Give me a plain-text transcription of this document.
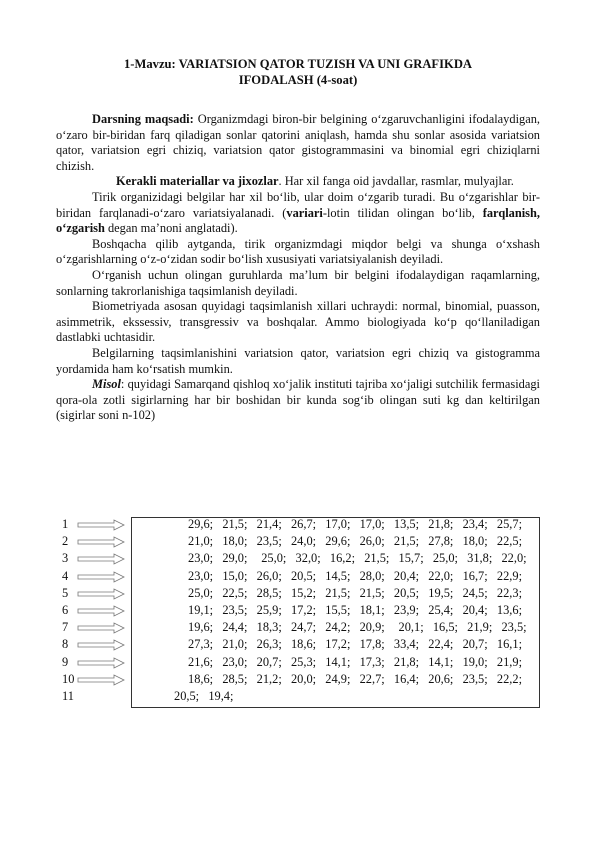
1-Mavzu: VARIATSION QATOR TUZISH VA UNI GRAFIKDA
IFODALASH (4-soat)

Darsning maqsadi: Organizmdagi biron-bir belgining o‘zgaruvchanligini ifodalaydigan, o‘zaro bir-biridan farq qiladigan sonlar qatorini aniqlash, hamda shu sonlar asosida variatsion qator, variatsion egri chiziq, variatsion qator gistogrammasini va binomial egri chiziqlarni chizish.

Kerakli materiallar va jixozlar. Har xil fanga oid javdallar, rasmlar, mulyajlar.

Tirik organizidagi belgilar har xil bo‘lib, ular doim o‘zgarib turadi. Bu o‘zgarishlar bir-biridan farqlanadi-o‘zaro variatsiyalanadi. (variari-lotin tilidan olingan bo‘lib, farqlanish, o‘zgarish degan ma’noni anglatadi).

Boshqacha qilib aytganda, tirik organizmdagi miqdor belgi va shunga o‘xshash o‘zgarishlarning o‘z-o‘zidan sodir bo‘lish xususiyati variatsiyalanish deyiladi.

O‘rganish uchun olingan guruhlarda ma’lum bir belgini ifodalaydigan raqamlarning, sonlarning takrorlanishiga taqsimlanish deyiladi.

Biometriyada asosan quyidagi taqsimlanish xillari uchraydi: normal, binomial, puasson, asimmetrik, ekssessiv, transgressiv va boshqalar. Ammo biologiyada ko‘p qo‘llaniladigan dastlabki uchtasidir.

Belgilarning taqsimlanishini variatsion qator, variatsion egri chiziq va gistogramma yordamida ham ko‘rsatish mumkin.

Misol: quyidagi Samarqand qishloq xo‘jalik instituti tajriba xo‘jaligi sutchilik fermasidagi qora-ola zotli sigirlarning har bir boshidan bir kunda sog‘ib olingan suti kg dan keltirilgan (sigirlar soni n-102)

1	29,6;  21,5;  21,4;  26,7;  17,0;  17,0;  13,5;  21,8;  23,4;  25,7;
2	21,0;  18,0;  23,5;  24,0;  29,6;  26,0;  21,5;  27,8;  18,0;  22,5;
3	23,0;  29,0;   25,0;  32,0;  16,2;  21,5;  15,7;  25,0;  31,8;  22,0;
4	23,0;  15,0;  26,0;  20,5;  14,5;  28,0;  20,4;  22,0;  16,7;  22,9;
5	25,0;  22,5;  28,5;  15,2;  21,5;  21,5;  20,5;  19,5;  24,5;  22,3;
6	19,1;  23,5;  25,9;  17,2;  15,5;  18,1;  23,9;  25,4;  20,4;  13,6;
7	19,6;  24,4;  18,3;  24,7;  24,2;  20,9;   20,1;  16,5;  21,9;  23,5;
8	27,3;  21,0;  26,3;  18,6;  17,2;  17,8;  33,4;  22,4;  20,7;  16,1;
9	21,6;  23,0;  20,7;  25,3;  14,1;  17,3;  21,8;  14,1;  19,0;  21,9;
10	18,6;  28,5;  21,2;  20,0;  24,9;  22,7;  16,4;  20,6;  23,5;  22,2;
11	20,5;  19,4;
